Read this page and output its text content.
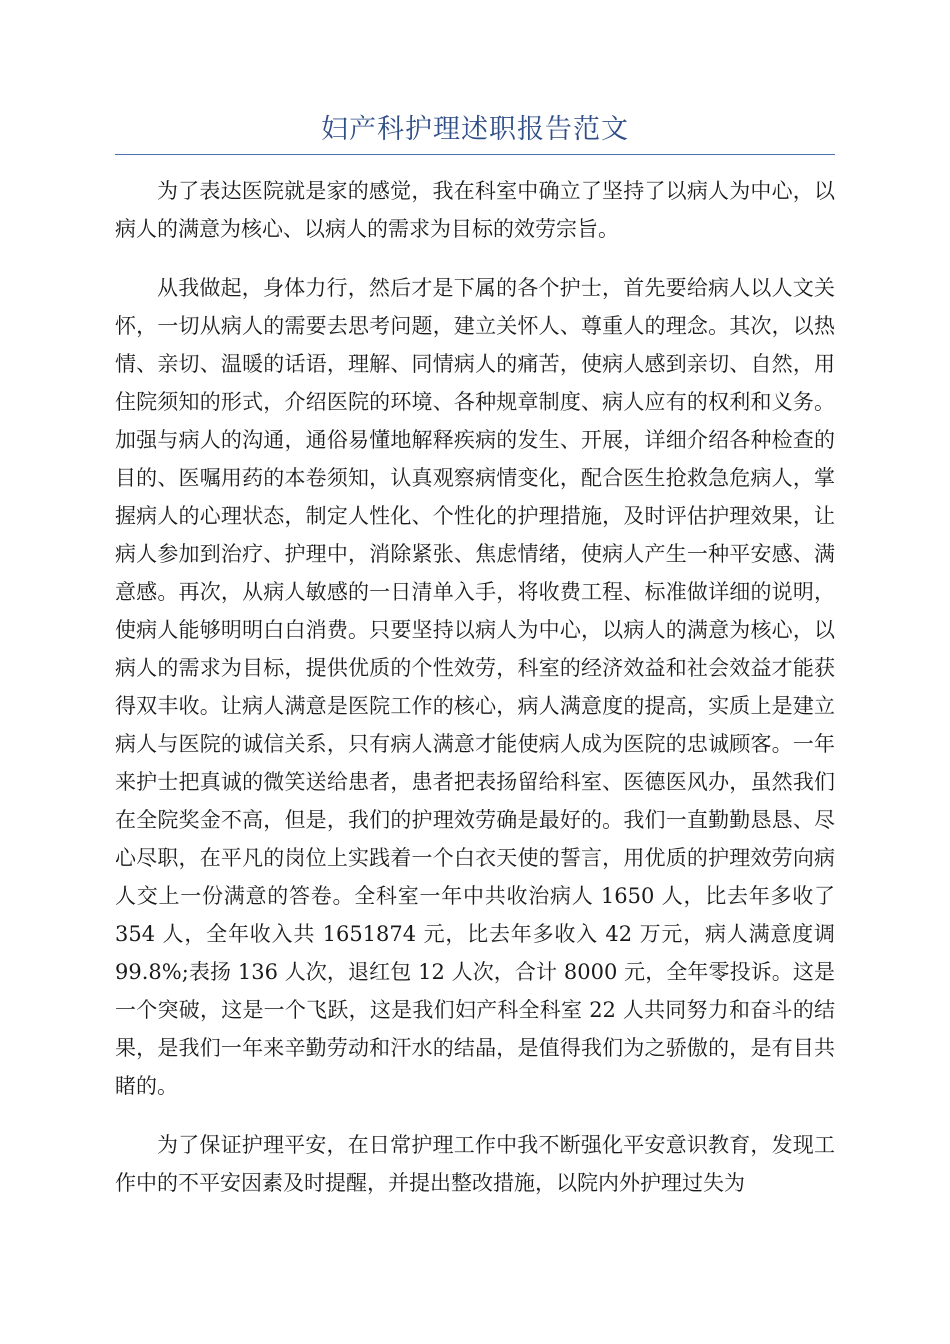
妇产科护理述职报告范文

为了表达医院就是家的感觉，我在科室中确立了坚持了以病人为中心，以病人的满意为核心、以病人的需求为目标的效劳宗旨。

从我做起，身体力行，然后才是下属的各个护士，首先要给病人以人文关怀，一切从病人的需要去思考问题，建立关怀人、尊重人的理念。其次，以热情、亲切、温暖的话语，理解、同情病人的痛苦，使病人感到亲切、自然，用住院须知的形式，介绍医院的环境、各种规章制度、病人应有的权利和义务。加强与病人的沟通，通俗易懂地解释疾病的发生、开展，详细介绍各种检查的目的、医嘱用药的本卷须知，认真观察病情变化，配合医生抢救急危病人，掌握病人的心理状态，制定人性化、个性化的护理措施，及时评估护理效果，让病人参加到治疗、护理中，消除紧张、焦虑情绪，使病人产生一种平安感、满意感。再次，从病人敏感的一日清单入手，将收费工程、标准做详细的说明，使病人能够明明白白消费。只要坚持以病人为中心，以病人的满意为核心，以病人的需求为目标，提供优质的个性效劳，科室的经济效益和社会效益才能获得双丰收。让病人满意是医院工作的核心，病人满意度的提高，实质上是建立病人与医院的诚信关系，只有病人满意才能使病人成为医院的忠诚顾客。一年来护士把真诚的微笑送给患者，患者把表扬留给科室、医德医风办，虽然我们在全院奖金不高，但是，我们的护理效劳确是最好的。我们一直勤勤恳恳、尽心尽职，在平凡的岗位上实践着一个白衣天使的誓言，用优质的护理效劳向病人交上一份满意的答卷。全科室一年中共收治病人 1650 人，比去年多收了 354 人，全年收入共 1651874 元，比去年多收入 42 万元，病人满意度调 99.8%;表扬 136 人次，退红包 12 人次，合计 8000 元，全年零投诉。这是一个突破，这是一个飞跃，这是我们妇产科全科室 22 人共同努力和奋斗的结果，是我们一年来辛勤劳动和汗水的结晶，是值得我们为之骄傲的，是有目共睹的。

为了保证护理平安，在日常护理工作中我不断强化平安意识教育，发现工作中的不平安因素及时提醒，并提出整改措施，以院内外护理过失为
